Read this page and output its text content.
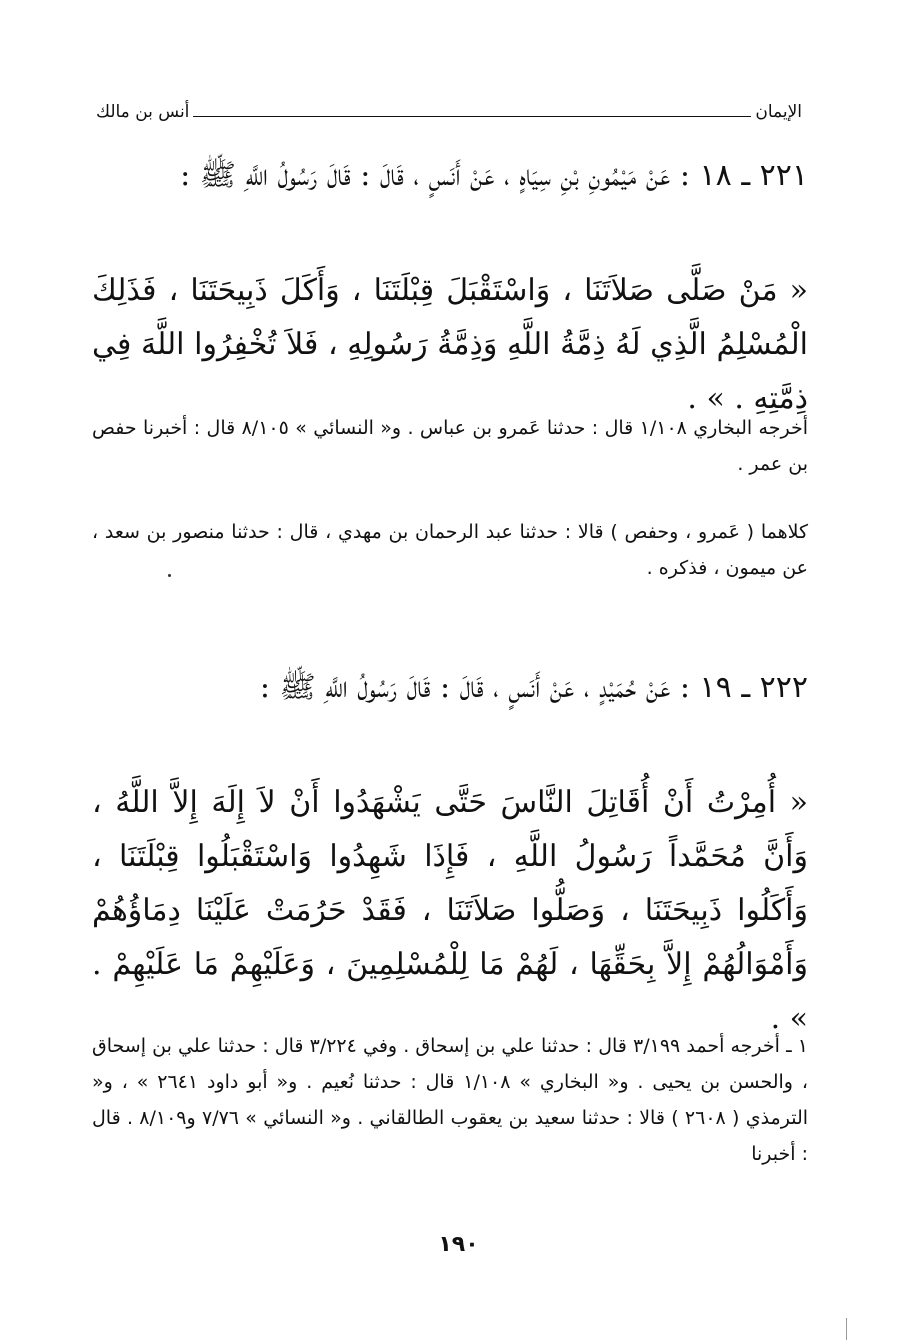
الإيمان
أنس بن مالك
٢٢١ ـ ١٨ : عَنْ مَيْمُونِ بْنِ سِيَاهٍ ، عَنْ أَنَسٍ ، قَالَ : قَالَ رَسُولُ اللَّهِ ﷺ :
« مَنْ صَلَّى صَلاَتَنَا ، وَاسْتَقْبَلَ قِبْلَتَنَا ، وَأَكَلَ ذَبِيحَتَنَا ، فَذَلِكَ الْمُسْلِمُ الَّذِي لَهُ ذِمَّةُ اللَّهِ وَذِمَّةُ رَسُولِهِ ، فَلاَ تُخْفِرُوا اللَّهَ فِي ذِمَّتِهِ . » .
أخرجه البخاري ١/١٠٨ قال : حدثنا عَمرو بن عباس . و« النسائي » ٨/١٠٥ قال : أخبرنا حفص بن عمر .
كلاهما ( عَمرو ، وحفص ) قالا : حدثنا عبد الرحمان بن مهدي ، قال : حدثنا منصور بن سعد ، عن ميمون ، فذكره .
٢٢٢ ـ ١٩ : عَنْ حُمَيْدٍ ، عَنْ أَنَسٍ ، قَالَ : قَالَ رَسُولُ اللَّهِ ﷺ :
« أُمِرْتُ أَنْ أُقَاتِلَ النَّاسَ حَتَّى يَشْهَدُوا أَنْ لاَ إِلَهَ إِلاَّ اللَّهُ ، وَأَنَّ مُحَمَّداً رَسُولُ اللَّهِ ، فَإِذَا شَهِدُوا وَاسْتَقْبَلُوا قِبْلَتَنَا ، وَأَكَلُوا ذَبِيحَتَنَا ، وَصَلُّوا صَلاَتَنَا ، فَقَدْ حَرُمَتْ عَلَيْنَا دِمَاؤُهُمْ وَأَمْوَالُهُمْ إِلاَّ بِحَقِّهَا ، لَهُمْ مَا لِلْمُسْلِمِينَ ، وَعَلَيْهِمْ مَا عَلَيْهِمْ . » .
١ ـ أخرجه أحمد ٣/١٩٩ قال : حدثنا علي بن إسحاق . وفي ٣/٢٢٤ قال : حدثنا علي بن إسحاق ، والحسن بن يحيى . و« البخاري » ١/١٠٨ قال : حدثنا نُعيم . و« أبو داود ٢٦٤١ » ، و« الترمذي ( ٢٦٠٨ ) قالا : حدثنا سعيد بن يعقوب الطالقاني . و« النسائي » ٧/٧٦ و٨/١٠٩ . قال : أخبرنا
١٩٠
